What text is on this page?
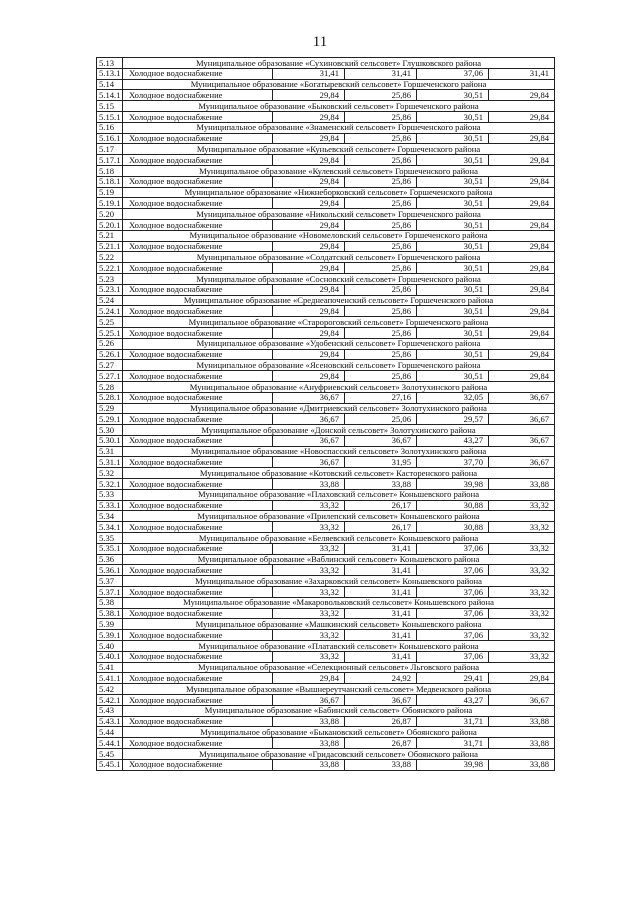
11
5.13	Муниципальное образование «Сухиновский сельсовет» Глушковского района				
5.13.1	Холодное водоснабжение	31,41	31,41	37,06	31,41
5.14	Муниципальное образование «Богатыревский сельсовет» Горшеченского района				
5.14.1	Холодное водоснабжение	29,84	25,86	30,51	29,84
5.15	Муниципальное образование «Быковский сельсовет» Горшеченского района				
5.15.1	Холодное водоснабжение	29,84	25,86	30,51	29,84
5.16	Муниципальное образование «Знаменский сельсовет» Горшеченского района				
5.16.1	Холодное водоснабжение	29,84	25,86	30,51	29,84
5.17	Муниципальное образование «Куньевский сельсовет» Горшеченского района				
5.17.1	Холодное водоснабжение	29,84	25,86	30,51	29,84
5.18	Муниципальное образование «Кулевский сельсовет» Горшеченского района				
5.18.1	Холодное водоснабжение	29,84	25,86	30,51	29,84
5.19	Муниципальное образование «Нижнеборковский сельсовет» Горшеченского района				
5.19.1	Холодное водоснабжение	29,84	25,86	30,51	29,84
5.20	Муниципальное образование «Никольский сельсовет» Горшеченского района				
5.20.1	Холодное водоснабжение	29,84	25,86	30,51	29,84
5.21	Муниципальное образование «Новомеловский сельсовет» Горшеченского района				
5.21.1	Холодное водоснабжение	29,84	25,86	30,51	29,84
5.22	Муниципальное образование «Солдатский сельсовет» Горшеченского района				
5.22.1	Холодное водоснабжение	29,84	25,86	30,51	29,84
5.23	Муниципальное образование «Сосновский сельсовет» Горшеченского района				
5.23.1	Холодное водоснабжение	29,84	25,86	30,51	29,84
5.24	Муниципальное образование «Среднеапоченский сельсовет» Горшеченского района				
5.24.1	Холодное водоснабжение	29,84	25,86	30,51	29,84
5.25	Муниципальное образование «Старороговский сельсовет» Горшеченского района				
5.25.1	Холодное водоснабжение	29,84	25,86	30,51	29,84
5.26	Муниципальное образование «Удобенский сельсовет» Горшеченского района				
5.26.1	Холодное водоснабжение	29,84	25,86	30,51	29,84
5.27	Муниципальное образование «Ясеновский сельсовет» Горшеченского района				
5.27.1	Холодное водоснабжение	29,84	25,86	30,51	29,84
5.28	Муниципальное образование «Ануфриевский сельсовет» Золотухинского района				
5.28.1	Холодное водоснабжение	36,67	27,16	32,05	36,67
5.29	Муниципальное образование «Дмитриевский сельсовет» Золотухинского района				
5.29.1	Холодное водоснабжение	36,67	25,06	29,57	36,67
5.30	Муниципальное образование «Донской сельсовет» Золотухинского района				
5.30.1	Холодное водоснабжение	36,67	36,67	43,27	36,67
5.31	Муниципальное образование «Новоспасский сельсовет» Золотухинского района				
5.31.1	Холодное водоснабжение	36,67	31,95	37,70	36,67
5.32	Муниципальное образование «Котовский сельсовет» Касторенского района				
5.32.1	Холодное водоснабжение	33,88	33,88	39,98	33,88
5.33	Муниципальное образование «Плаховский сельсовет» Коньшевского района				
5.33.1	Холодное водоснабжение	33,32	26,17	30,88	33,32
5.34	Муниципальное образование «Прилепский сельсовет» Коньшевского района				
5.34.1	Холодное водоснабжение	33,32	26,17	30,88	33,32
5.35	Муниципальное образование «Беляевский сельсовет» Коньшевского района				
5.35.1	Холодное водоснабжение	33,32	31,41	37,06	33,32
5.36	Муниципальное образование «Ваблинский сельсовет» Коньшевского района				
5.36.1	Холодное водоснабжение	33,32	31,41	37,06	33,32
5.37	Муниципальное образование «Захарковский сельсовет» Коньшевского района				
5.37.1	Холодное водоснабжение	33,32	31,41	37,06	33,32
5.38	Муниципальное образование «Макаровольковский сельсовет» Коньшевского района				
5.38.1	Холодное водоснабжение	33,32	31,41	37,06	33,32
5.39	Муниципальное образование «Машкинский сельсовет» Коньшевского района				
5.39.1	Холодное водоснабжение	33,32	31,41	37,06	33,32
5.40	Муниципальное образование «Платавский сельсовет» Коньшевского района				
5.40.1	Холодное водоснабжение	33,32	31,41	37,06	33,32
5.41	Муниципальное образование «Селекционный сельсовет» Льговского района				
5.41.1	Холодное водоснабжение	29,84	24,92	29,41	29,84
5.42	Муниципальное образование «Вышнереутчанский сельсовет» Медвенского района				
5.42.1	Холодное водоснабжение	36,67	36,67	43,27	36,67
5.43	Муниципальное образование «Бабинский сельсовет» Обоянского района				
5.43.1	Холодное водоснабжение	33,88	26,87	31,71	33,88
5.44	Муниципальное образование «Быкановский сельсовет» Обоянского района				
5.44.1	Холодное водоснабжение	33,88	26,87	31,71	33,88
5.45	Муниципальное образование «Гридасовский сельсовет» Обоянского района				
5.45.1	Холодное водоснабжение	33,88	33,88	39,98	33,88
